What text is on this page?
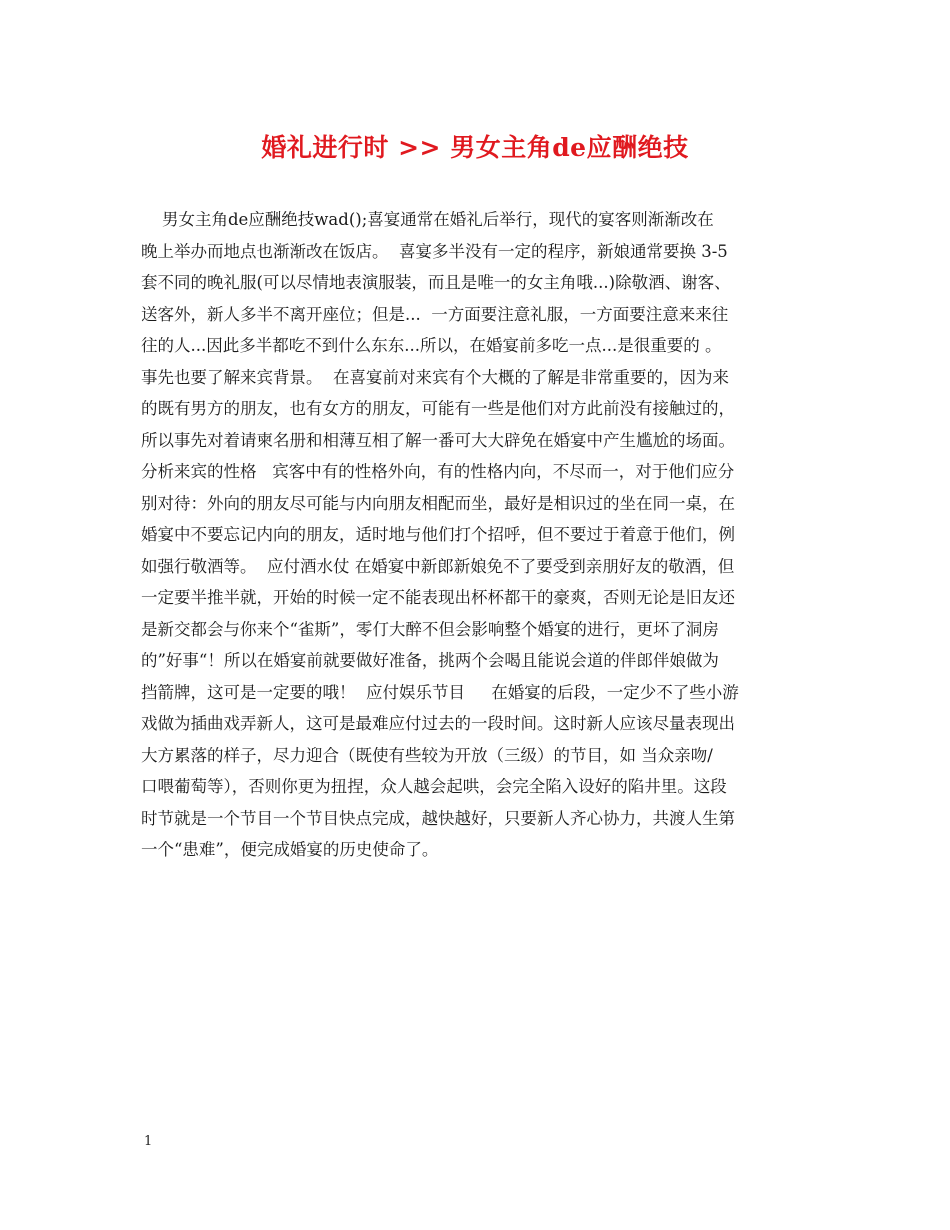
婚礼进行时 >> 男女主角de应酬绝技
男女主角de应酬绝技wad();喜宴通常在婚礼后举行，现代的宴客则渐渐改在
晚上举办而地点也渐渐改在饭店。  喜宴多半没有一定的程序，新娘通常要换 3-5
套不同的晚礼服(可以尽情地表演服装，而且是唯一的女主角哦...)除敬酒、谢客、
送客外，新人多半不离开座位；但是...  一方面要注意礼服，一方面要注意来来往
往的人...因此多半都吃不到什么东东...所以，在婚宴前多吃一点...是很重要的 。
事先也要了解来宾背景。  在喜宴前对来宾有个大概的了解是非常重要的，因为来
的既有男方的朋友，也有女方的朋友，可能有一些是他们对方此前没有接触过的，
所以事先对着请柬名册和相薄互相了解一番可大大辟免在婚宴中产生尴尬的场面。
分析来宾的性格   宾客中有的性格外向，有的性格内向，不尽而一，对于他们应分
别对待：外向的朋友尽可能与内向朋友相配而坐，最好是相识过的坐在同一桌，在
婚宴中不要忘记内向的朋友，适时地与他们打个招呼，但不要过于着意于他们，例
如强行敬酒等。  应付酒水仗 在婚宴中新郎新娘免不了要受到亲朋好友的敬酒，但
一定要半推半就，开始的时候一定不能表现出杯杯都干的豪爽，否则无论是旧友还
是新交都会与你来个“雀斯”，零仃大醉不但会影响整个婚宴的进行，更坏了洞房
的”好事“！所以在婚宴前就要做好准备，挑两个会喝且能说会道的伴郎伴娘做为
挡箭牌，这可是一定要的哦！  应付娱乐节目     在婚宴的后段，一定少不了些小游
戏做为插曲戏弄新人，这可是最难应付过去的一段时间。这时新人应该尽量表现出
大方累落的样子，尽力迎合（既使有些较为开放（三级）的节目，如 当众亲吻/
口喂葡萄等），否则你更为扭捏，众人越会起哄，会完全陷入设好的陷井里。这段
时节就是一个节目一个节目快点完成，越快越好，只要新人齐心协力，共渡人生第
一个“患难”，便完成婚宴的历史使命了。
1
